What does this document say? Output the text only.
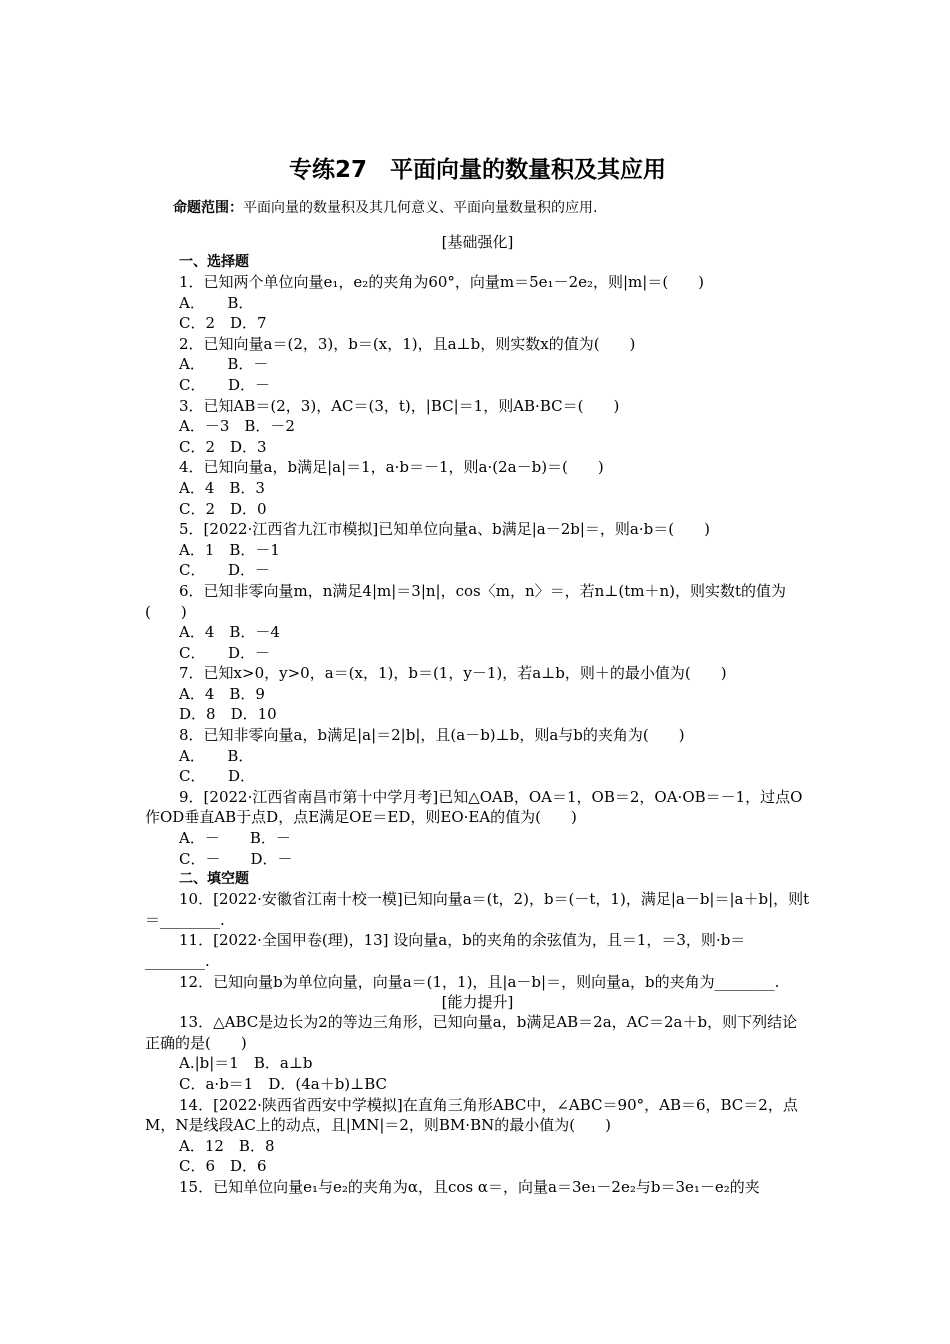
专练27　平面向量的数量积及其应用
命题范围：平面向量的数量积及其几何意义、平面向量数量积的应用.
[基础强化]
一、选择题
1．已知两个单位向量e₁，e₂的夹角为60°，向量m＝5e₁－2e₂，则|m|＝(　　)
A．　　B．
C．2　D．7
2．已知向量a＝(2，3)，b＝(x，1)，且a⊥b，则实数x的值为(　　)
A．　　B．－
C．　　D．－
3．已知AB＝(2，3)，AC＝(3，t)，|BC|＝1，则AB·BC＝(　　)
A．－3　B．－2
C．2　D．3
4．已知向量a，b满足|a|＝1，a·b＝－1，则a·(2a－b)＝(　　)
A．4　B．3
C．2　D．0
5．[2022·江西省九江市模拟]已知单位向量a、b满足|a－2b|＝，则a·b＝(　　)
A．1　B．－1
C．　　D．－
6．已知非零向量m，n满足4|m|＝3|n|，cos〈m，n〉＝，若n⊥(tm＋n)，则实数t的值为(　　)
A．4　B．－4
C．　　D．－
7．已知x>0，y>0，a＝(x，1)，b＝(1，y－1)，若a⊥b，则＋的最小值为(　　)
A．4　B．9
D．8　D．10
8．已知非零向量a，b满足|a|＝2|b|，且(a－b)⊥b，则a与b的夹角为(　　)
A．　　B．
C．　　D．
9．[2022·江西省南昌市第十中学月考]已知△OAB，OA＝1，OB＝2，OA·OB＝－1，过点O作OD垂直AB于点D，点E满足OE＝ED，则EO·EA的值为(　　)
A．－　　B．－
C．－　　D．－
二、填空题
10．[2022·安徽省江南十校一模]已知向量a＝(t，2)，b＝(－t，1)，满足|a－b|＝|a＋b|，则t＝________.
11．[2022·全国甲卷(理)，13] 设向量a，b的夹角的余弦值为，且＝1，＝3，则·b＝________.
12．已知向量b为单位向量，向量a＝(1，1)，且|a－b|＝，则向量a，b的夹角为________.
[能力提升]
13．△ABC是边长为2的等边三角形，已知向量a，b满足AB＝2a，AC＝2a＋b，则下列结论正确的是(　　)
A.|b|＝1　B．a⊥b
C．a·b＝1　D．(4a＋b)⊥BC
14．[2022·陕西省西安中学模拟]在直角三角形ABC中，∠ABC＝90°，AB＝6，BC＝2，点M，N是线段AC上的动点，且|MN|＝2，则BM·BN的最小值为(　　)
A．12　B．8
C．6　D．6
15．已知单位向量e₁与e₂的夹角为α，且cos α＝，向量a＝3e₁－2e₂与b＝3e₁－e₂的夹
